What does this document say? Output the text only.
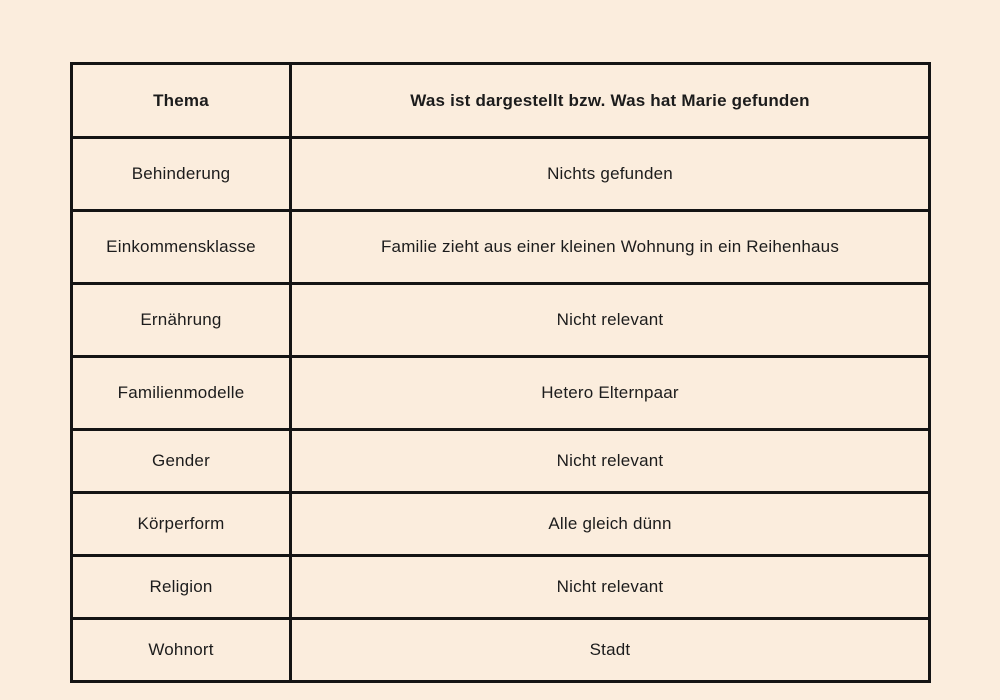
Thema	Was ist dargestellt bzw. Was hat Marie gefunden
Behinderung	Nichts gefunden
Einkommensklasse	Familie zieht aus einer kleinen Wohnung in ein Reihenhaus
Ernährung	Nicht relevant
Familienmodelle	Hetero Elternpaar
Gender	Nicht relevant
Körperform	Alle gleich dünn
Religion	Nicht relevant
Wohnort	Stadt
